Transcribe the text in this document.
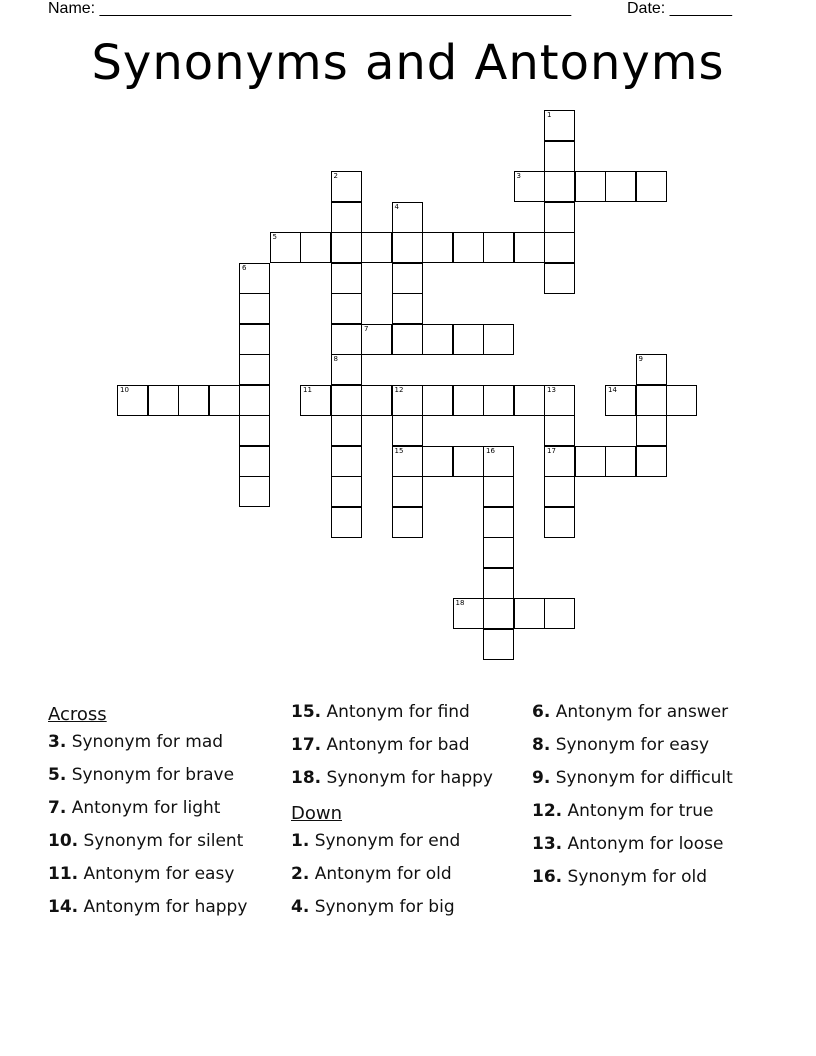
Name: _____________________________________________________	Date: _______
Synonyms and Antonyms
1
2	3
4
5
6
7
8	9
10	11	12	13
15	17
14
16
18
Across
3. Synonym for mad
5. Synonym for brave
7. Antonym for light
10. Synonym for silent
11. Antonym for easy
14. Antonym for happy
15. Antonym for find
17. Antonym for bad
18. Synonym for happy
Down
1. Synonym for end
2. Antonym for old
4. Synonym for big
6. Antonym for answer
8. Synonym for easy
9. Synonym for difficult
12. Antonym for true
13. Antonym for loose
16. Synonym for old
